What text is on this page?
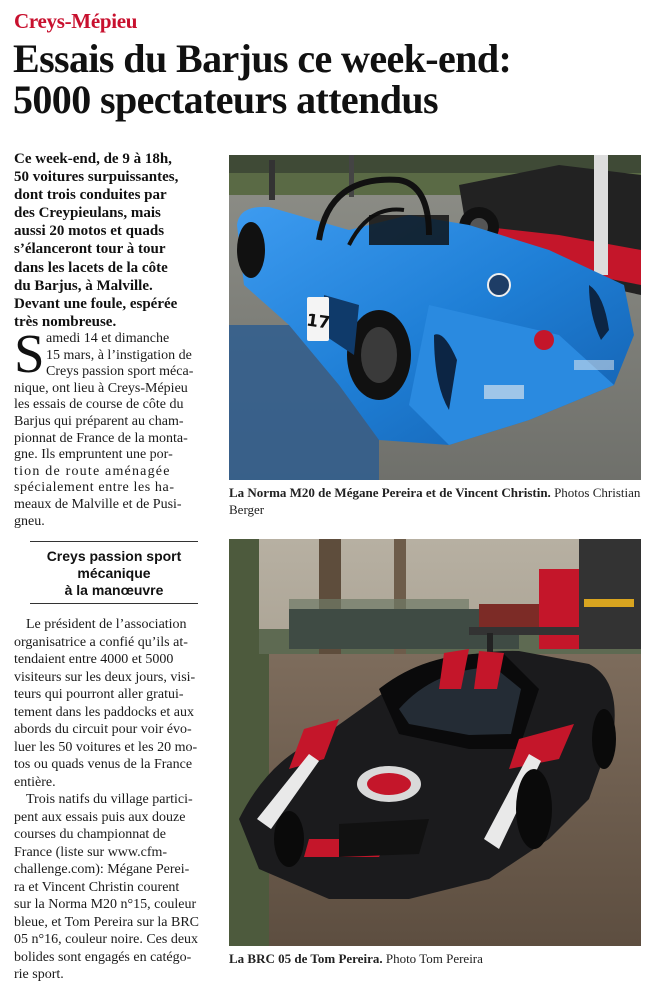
Creys-Mépieu
Essais du Barjus ce week-end:
5000 spectateurs attendus

Ce week-end, de 9 à 18h,
50 voitures surpuissantes,
dont trois conduites par
des Creypieulans, mais
aussi 20 motos et quads
s’élanceront tour à tour
dans les lacets de la côte
du Barjus, à Malville.
Devant une foule, espérée
très nombreuse.

S amedi 14 et dimanche
15 mars, à l’instigation de
Creys passion sport méca-
nique, ont lieu à Creys-Mépieu
les essais de course de côte du
Barjus qui préparent au cham-
pionnat de France de la monta-
gne. Ils empruntent une por-
tion de route aménagée
spécialement entre les ha-
meaux de Malville et de Pusi-
gneu.
Creys passion sport
mécanique
à la manœuvre
Le président de l’association
organisatrice a confié qu’ils at-
tendaient entre 4000 et 5000
visiteurs sur les deux jours, visi-
teurs qui pourront aller gratui-
tement dans les paddocks et aux
abords du circuit pour voir évo-
luer les 50 voitures et les 20 mo-
tos ou quads venus de la France
entière.
Trois natifs du village partici-
pent aux essais puis aux douze
courses du championnat de
France (liste sur www.cfm-
challenge.com): Mégane Perei-
ra et Vincent Christin courent
sur la Norma M20 n°15, couleur
bleue, et Tom Pereira sur la BRC
05 n°16, couleur noire. Ces deux
bolides sont engagés en catégo-
rie sport.
17

La Norma M20 de Mégane Pereira et de Vincent Christin. Photos Christian Berger

La BRC 05 de Tom Pereira. Photo Tom Pereira
